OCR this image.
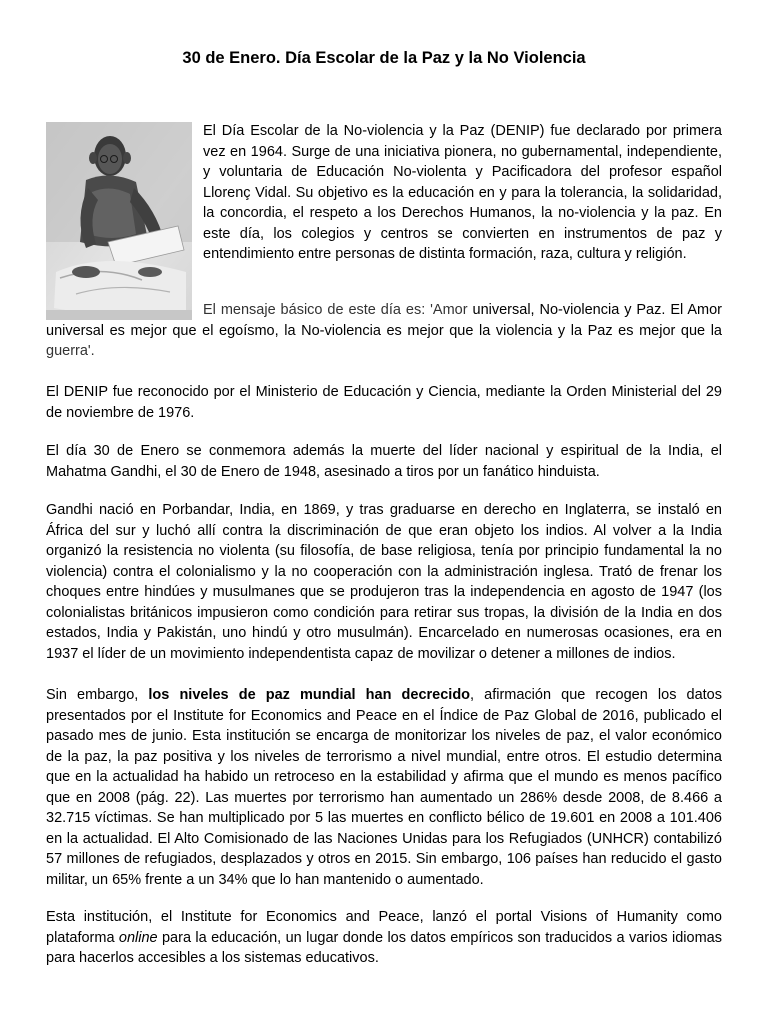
30 de Enero. Día Escolar de la Paz y la No Violencia

El Día Escolar de la No-violencia y la Paz (DENIP) fue declarado por primera vez en 1964. Surge de una iniciativa pionera, no gubernamental, independiente, y voluntaria de Educación No-violenta y Pacificadora del profesor español Llorenç Vidal. Su objetivo es la educación en y para la tolerancia, la solidaridad, la concordia, el respeto a los Derechos Humanos, la no-violencia y la paz. En este día, los colegios y centros se convierten en instrumentos de paz y entendimiento entre personas de distinta formación, raza, cultura y religión.

El mensaje básico de este día es: 'Amor universal, No-violencia y Paz. El Amor universal es mejor que el egoísmo, la No-violencia es mejor que la violencia y la Paz es mejor que la guerra'.

El DENIP fue reconocido por el Ministerio de Educación y Ciencia, mediante la Orden Ministerial del 29 de noviembre de 1976.

El día 30 de Enero se conmemora además la muerte del líder nacional y espiritual de la India, el Mahatma Gandhi, el 30 de Enero de 1948, asesinado a tiros por un fanático hinduista.

Gandhi nació en Porbandar, India, en 1869, y tras graduarse en derecho en Inglaterra, se instaló en África del sur y luchó allí contra la discriminación de que eran objeto los indios. Al volver a la India organizó la resistencia no violenta (su filosofía, de base religiosa, tenía por principio fundamental la no violencia) contra el colonialismo y la no cooperación con la administración inglesa. Trató de frenar los choques entre hindúes y musulmanes que se produjeron tras la independencia en agosto de 1947 (los colonialistas británicos impusieron como condición para retirar sus tropas, la división de la India en dos estados, India y Pakistán, uno hindú y otro musulmán). Encarcelado en numerosas ocasiones, era en 1937 el líder de un movimiento independentista capaz de movilizar o detener a millones de indios.

Sin embargo, los niveles de paz mundial han decrecido, afirmación que recogen los datos presentados por el Institute for Economics and Peace en el Índice de Paz Global de 2016, publicado el pasado mes de junio. Esta institución se encarga de monitorizar los niveles de paz, el valor económico de la paz, la paz positiva y los niveles de terrorismo a nivel mundial, entre otros. El estudio determina que en la actualidad ha habido un retroceso en la estabilidad y afirma que el mundo es menos pacífico que en 2008 (pág. 22). Las muertes por terrorismo han aumentado un 286% desde 2008, de 8.466 a 32.715 víctimas. Se han multiplicado por 5 las muertes en conflicto bélico de 19.601 en 2008 a 101.406 en la actualidad. El Alto Comisionado de las Naciones Unidas para los Refugiados (UNHCR) contabilizó 57 millones de refugiados, desplazados y otros en 2015. Sin embargo, 106 países han reducido el gasto militar, un 65% frente a un 34% que lo han mantenido o aumentado.

Esta institución, el Institute for Economics and Peace, lanzó el portal Visions of Humanity como plataforma online para la educación, un lugar donde los datos empíricos son traducidos a varios idiomas para hacerlos accesibles a los sistemas educativos.
